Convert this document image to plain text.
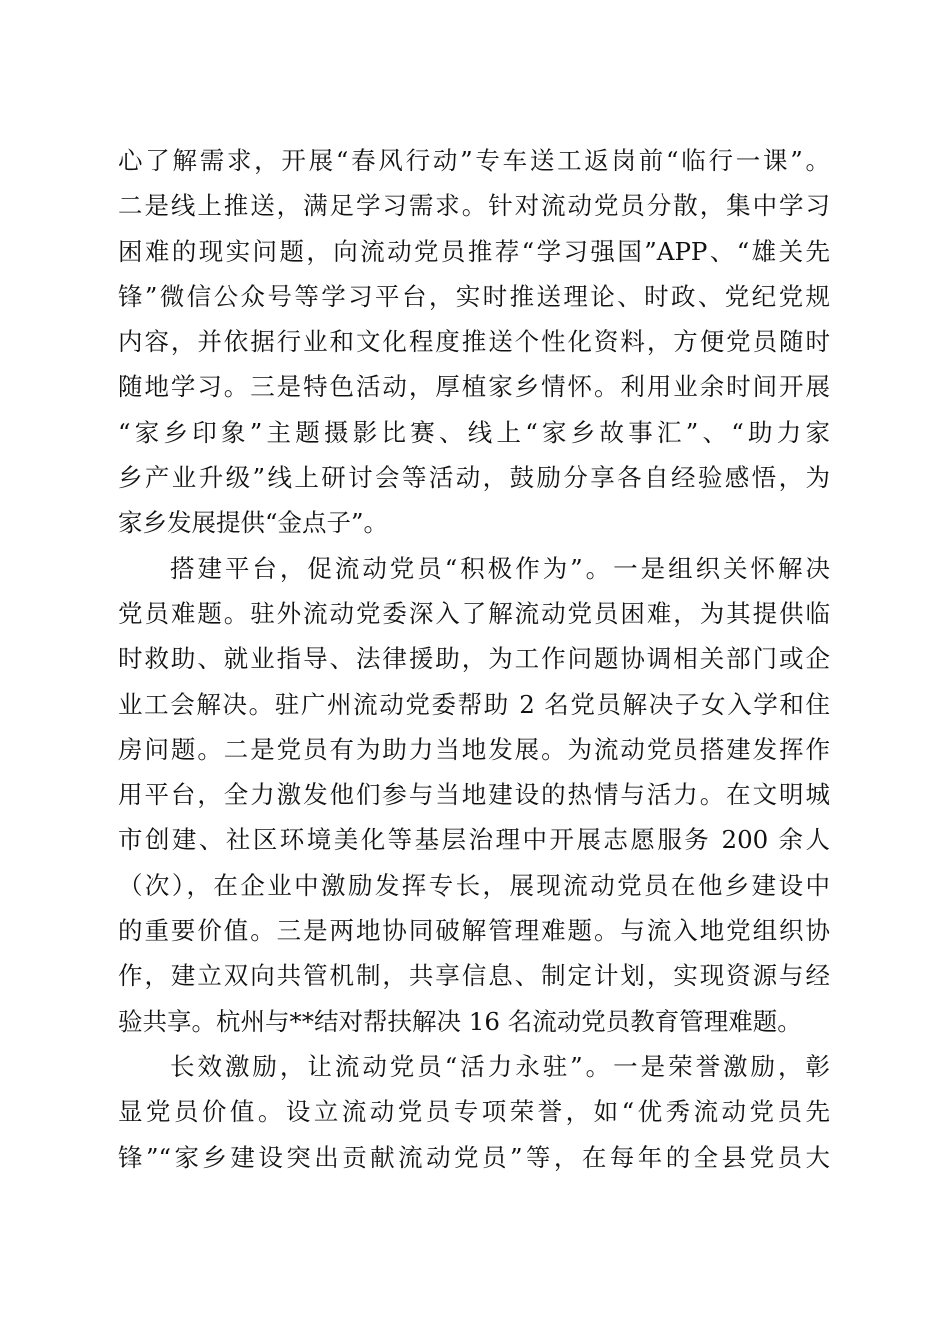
心了解需求，开展“春风行动”专车送工返岗前“临行一课”。
二是线上推送，满足学习需求。针对流动党员分散，集中学习
困难的现实问题，向流动党员推荐“学习强国”APP、“雄关先
锋”微信公众号等学习平台，实时推送理论、时政、党纪党规
内容，并依据行业和文化程度推送个性化资料，方便党员随时
随地学习。三是特色活动，厚植家乡情怀。利用业余时间开展
“家乡印象”主题摄影比赛、线上“家乡故事汇”、“助力家
乡产业升级”线上研讨会等活动，鼓励分享各自经验感悟，为
家乡发展提供“金点子”。
搭建平台，促流动党员“积极作为”。一是组织关怀解决
党员难题。驻外流动党委深入了解流动党员困难，为其提供临
时救助、就业指导、法律援助，为工作问题协调相关部门或企
业工会解决。驻广州流动党委帮助 2 名党员解决子女入学和住
房问题。二是党员有为助力当地发展。为流动党员搭建发挥作
用平台，全力激发他们参与当地建设的热情与活力。在文明城
市创建、社区环境美化等基层治理中开展志愿服务 200 余人
（次），在企业中激励发挥专长，展现流动党员在他乡建设中
的重要价值。三是两地协同破解管理难题。与流入地党组织协
作，建立双向共管机制，共享信息、制定计划，实现资源与经
验共享。杭州与**结对帮扶解决 16 名流动党员教育管理难题。
长效激励，让流动党员“活力永驻”。一是荣誉激励，彰
显党员价值。设立流动党员专项荣誉，如“优秀流动党员先
锋”“家乡建设突出贡献流动党员”等，在每年的全县党员大
